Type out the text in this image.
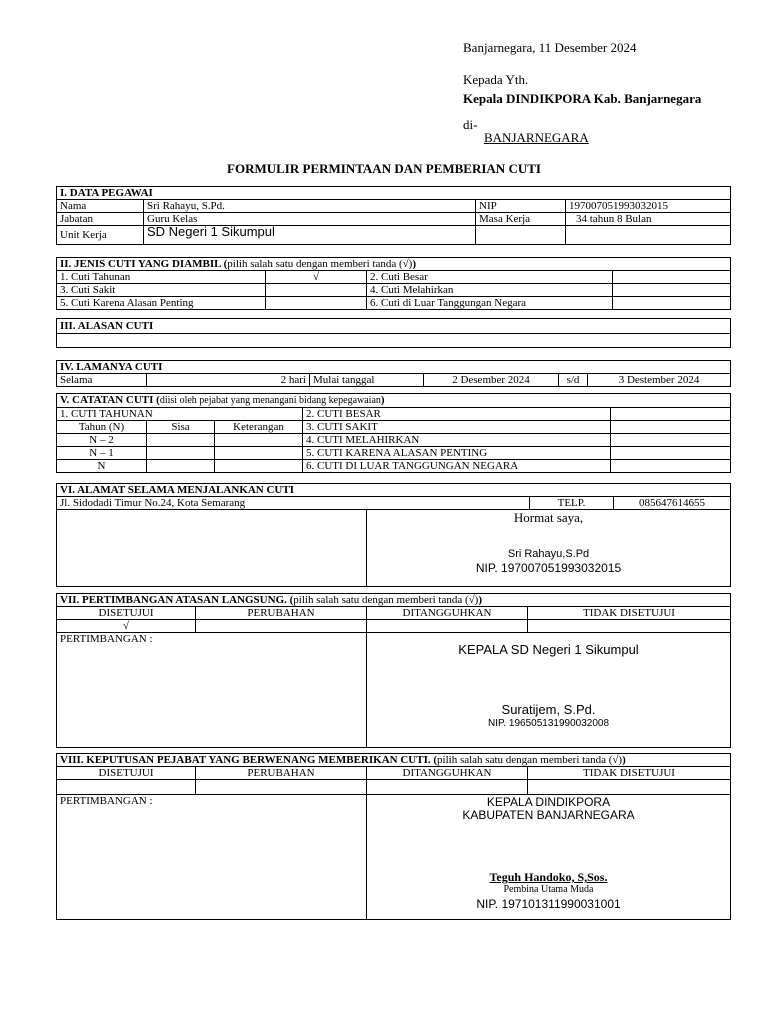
Banjarnegara, 11 Desember 2024
Kepada Yth.
Kepala DINDIKPORA Kab. Banjarnegara
di-
BANJARNEGARA
FORMULIR PERMINTAAN DAN PEMBERIAN CUTI
I. DATA PEGAWAI			
Nama	Sri Rahayu, S.Pd.	NIP	197007051993032015
Jabatan	Guru Kelas	Masa Kerja	34 tahun 8 Bulan
Unit Kerja	SD Negeri 1 Sikumpul		
II. JENIS CUTI YANG DIAMBIL (pilih salah satu dengan memberi tanda (√))			
1. Cuti Tahunan	√	2. Cuti Besar	
3. Cuti Sakit		4. Cuti Melahirkan	
5. Cuti Karena Alasan Penting		6. Cuti di Luar Tanggungan Negara	
III. ALASAN CUTI

IV. LAMANYA CUTI
Selama	2 hari	Mulai tanggal	2 Desember 2024	s/d	3 Destember 2024
V. CATATAN CUTI (diisi oleh pejabat yang menangani bidang kepegawaian)				
1. CUTI TAHUNAN			2. CUTI BESAR	
Tahun (N)	Sisa	Keterangan	3. CUTI SAKIT	
N – 2			4. CUTI MELAHIRKAN	
N – 1			5. CUTI KARENA ALASAN PENTING	
N			6. CUTI DI LUAR TANGGUNGAN NEGARA	
VI. ALAMAT SELAMA MENJALANKAN CUTI			
Jl. Sidodadi Timur No.24, Kota Semarang		TELP.	085647614655

	Hormat saya,
Sri Rahayu,S.Pd
NIP. 197007051993032015		
VII. PERTIMBANGAN ATASAN LANGSUNG. (pilih salah satu dengan memberi tanda (√))			
DISETUJUI	PERUBAHAN	DITANGGUHKAN	TIDAK DISETUJUI
√			
PERTIMBANGAN :		KEPALA SD Negeri 1 Sikumpul
Suratijem, S.Pd.
NIP. 196505131990032008	
VIII. KEPUTUSAN PEJABAT YANG BERWENANG MEMBERIKAN CUTI. (pilih salah satu dengan memberi tanda (√))			
DISETUJUI	PERUBAHAN	DITANGGUHKAN	TIDAK DISETUJUI

PERTIMBANGAN :		KEPALA DINDIKPORA
KABUPATEN BANJARNEGARA
Teguh Handoko, S,Sos.
Pembina Utama Muda
NIP. 197101311990031001	
